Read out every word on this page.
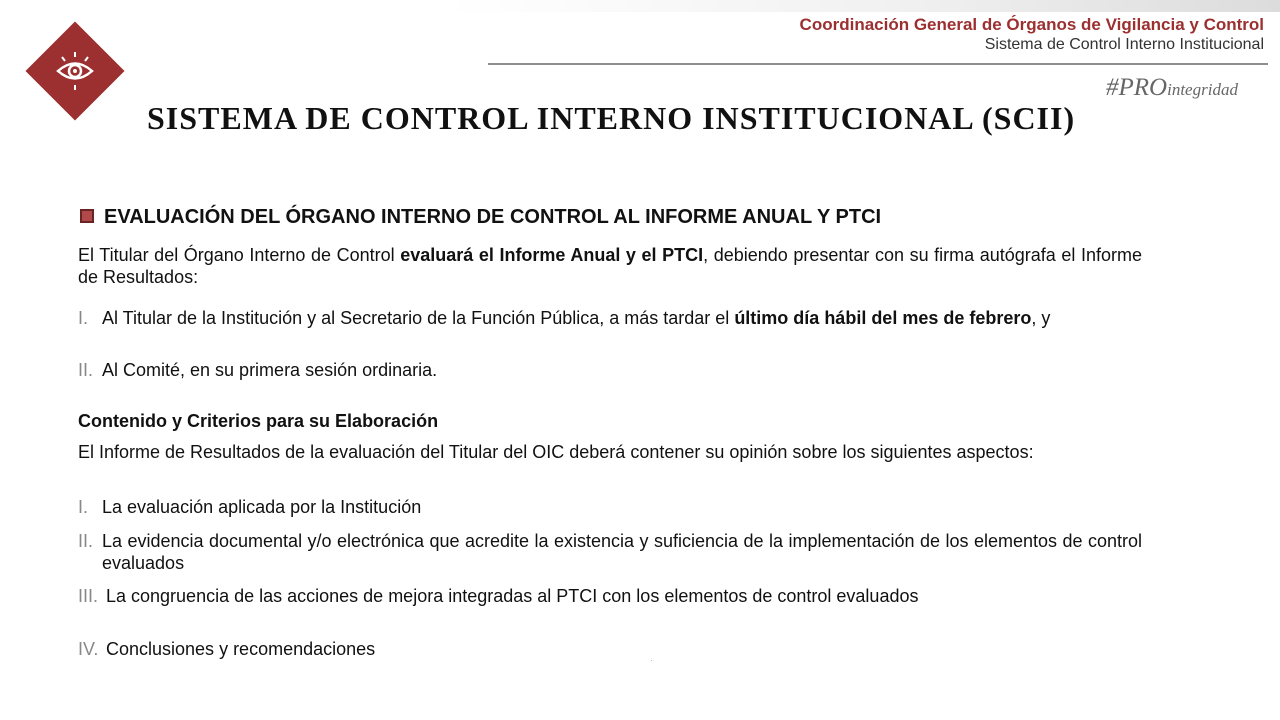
Coordinación General de Órganos de Vigilancia y Control
Sistema de Control Interno Institucional
#PROintegridad
SISTEMA DE CONTROL INTERNO INSTITUCIONAL (SCII)
EVALUACIÓN DEL ÓRGANO INTERNO DE CONTROL AL INFORME ANUAL Y PTCI
El Titular del Órgano Interno de Control evaluará el Informe Anual y el PTCI, debiendo presentar con su firma autógrafa el Informe de Resultados:
I. Al Titular de la Institución y al Secretario de la Función Pública, a más tardar el último día hábil del mes de febrero, y
II. Al Comité, en su primera sesión ordinaria.
Contenido y Criterios para su Elaboración
El Informe de Resultados de la evaluación del Titular del OIC deberá contener su opinión sobre los siguientes aspectos:
I. La evaluación aplicada por la Institución
II. La evidencia documental y/o electrónica que acredite la existencia y suficiencia de la implementación de los elementos de control evaluados
III. La congruencia de las acciones de mejora integradas al PTCI con los elementos de control evaluados
IV. Conclusiones y recomendaciones
